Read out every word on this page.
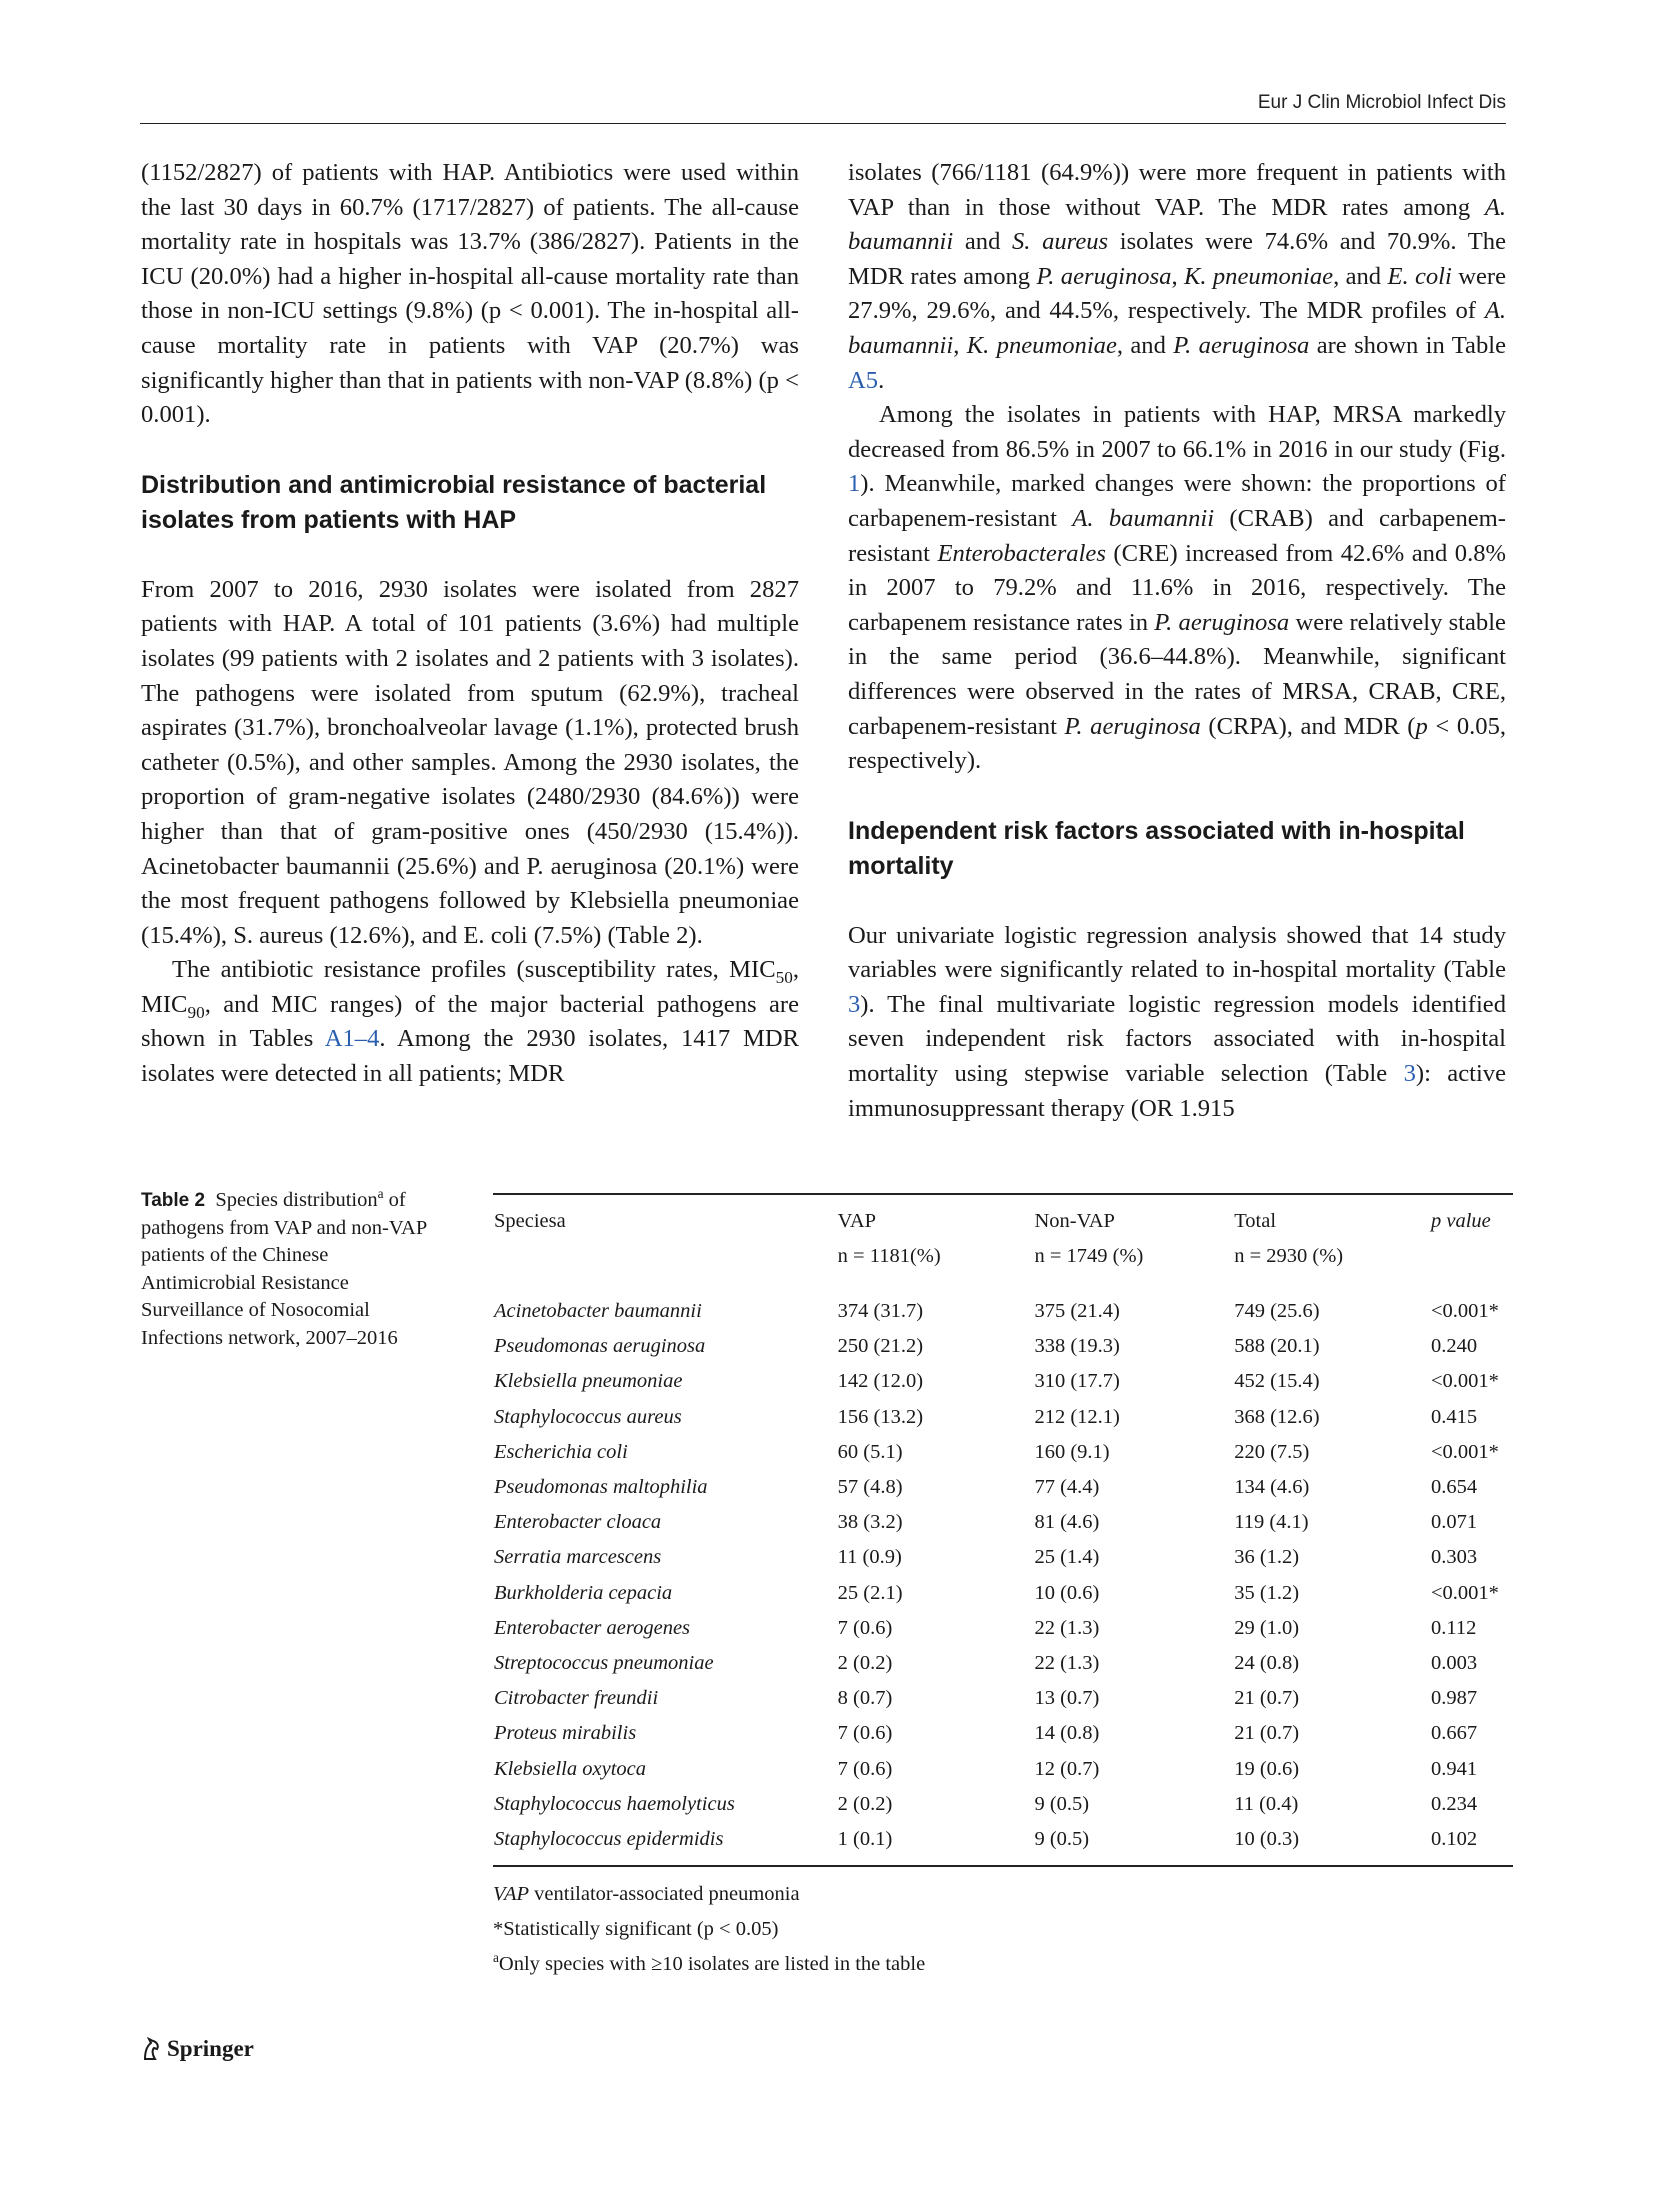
Eur J Clin Microbiol Infect Dis

(1152/2827) of patients with HAP. Antibiotics were used within the last 30 days in 60.7% (1717/2827) of patients. The all-cause mortality rate in hospitals was 13.7% (386/2827). Patients in the ICU (20.0%) had a higher in-hospital all-cause mortality rate than those in non-ICU settings (9.8%) (p < 0.001). The in-hospital all-cause mortality rate in patients with VAP (20.7%) was significantly higher than that in patients with non-VAP (8.8%) (p < 0.001).

Distribution and antimicrobial resistance of bacterial isolates from patients with HAP

From 2007 to 2016, 2930 isolates were isolated from 2827 patients with HAP. A total of 101 patients (3.6%) had multiple isolates (99 patients with 2 isolates and 2 patients with 3 isolates). The pathogens were isolated from sputum (62.9%), tracheal aspirates (31.7%), bronchoalveolar lavage (1.1%), protected brush catheter (0.5%), and other samples. Among the 2930 isolates, the proportion of gram-negative isolates (2480/2930 (84.6%)) were higher than that of gram-positive ones (450/2930 (15.4%)). Acinetobacter baumannii (25.6%) and P. aeruginosa (20.1%) were the most frequent pathogens followed by Klebsiella pneumoniae (15.4%), S. aureus (12.6%), and E. coli (7.5%) (Table 2).

The antibiotic resistance profiles (susceptibility rates, $MIC_{50}$, $MIC_{90}$, and MIC ranges) of the major bacterial pathogens are shown in Tables A1–4. Among the 2930 isolates, 1417 MDR isolates were detected in all patients; MDR

isolates (766/1181 (64.9%)) were more frequent in patients with VAP than in those without VAP. The MDR rates among A. baumannii and S. aureus isolates were 74.6% and 70.9%. The MDR rates among P. aeruginosa, K. pneumoniae, and E. coli were 27.9%, 29.6%, and 44.5%, respectively. The MDR profiles of A. baumannii, K. pneumoniae, and P. aeruginosa are shown in Table A5.

Among the isolates in patients with HAP, MRSA markedly decreased from 86.5% in 2007 to 66.1% in 2016 in our study (Fig. 1). Meanwhile, marked changes were shown: the proportions of carbapenem-resistant A. baumannii (CRAB) and carbapenem-resistant Enterobacterales (CRE) increased from 42.6% and 0.8% in 2007 to 79.2% and 11.6% in 2016, respectively. The carbapenem resistance rates in P. aeruginosa were relatively stable in the same period (36.6–44.8%). Meanwhile, significant differences were observed in the rates of MRSA, CRAB, CRE, carbapenem-resistant P. aeruginosa (CRPA), and MDR (p < 0.05, respectively).

Independent risk factors associated with in-hospital mortality

Our univariate logistic regression analysis showed that 14 study variables were significantly related to in-hospital mortality (Table 3). The final multivariate logistic regression models identified seven independent risk factors associated with in-hospital mortality using stepwise variable selection (Table 3): active immunosuppressant therapy (OR 1.915

Table 2 Species distribution$^a$ of pathogens from VAP and non-VAP patients of the Chinese Antimicrobial Resistance Surveillance of Nosocomial Infections network, 2007–2016
Speciesa	VAP	Non-VAP	Total	p value
	n = 1181(%)	n = 1749 (%)	n = 2930 (%)	
Acinetobacter baumannii	374 (31.7)	375 (21.4)	749 (25.6)	<0.001*
Pseudomonas aeruginosa	250 (21.2)	338 (19.3)	588 (20.1)	0.240
Klebsiella pneumoniae	142 (12.0)	310 (17.7)	452 (15.4)	<0.001*
Staphylococcus aureus	156 (13.2)	212 (12.1)	368 (12.6)	0.415
Escherichia coli	60 (5.1)	160 (9.1)	220 (7.5)	<0.001*
Pseudomonas maltophilia	57 (4.8)	77 (4.4)	134 (4.6)	0.654
Enterobacter cloaca	38 (3.2)	81 (4.6)	119 (4.1)	0.071
Serratia marcescens	11 (0.9)	25 (1.4)	36 (1.2)	0.303
Burkholderia cepacia	25 (2.1)	10 (0.6)	35 (1.2)	<0.001*
Enterobacter aerogenes	7 (0.6)	22 (1.3)	29 (1.0)	0.112
Streptococcus pneumoniae	2 (0.2)	22 (1.3)	24 (0.8)	0.003
Citrobacter freundii	8 (0.7)	13 (0.7)	21 (0.7)	0.987
Proteus mirabilis	7 (0.6)	14 (0.8)	21 (0.7)	0.667
Klebsiella oxytoca	7 (0.6)	12 (0.7)	19 (0.6)	0.941
Staphylococcus haemolyticus	2 (0.2)	9 (0.5)	11 (0.4)	0.234
Staphylococcus epidermidis	1 (0.1)	9 (0.5)	10 (0.3)	0.102
VAP ventilator-associated pneumonia
*Statistically significant (p < 0.05)
$^a$Only species with ≥10 isolates are listed in the table
Springer
